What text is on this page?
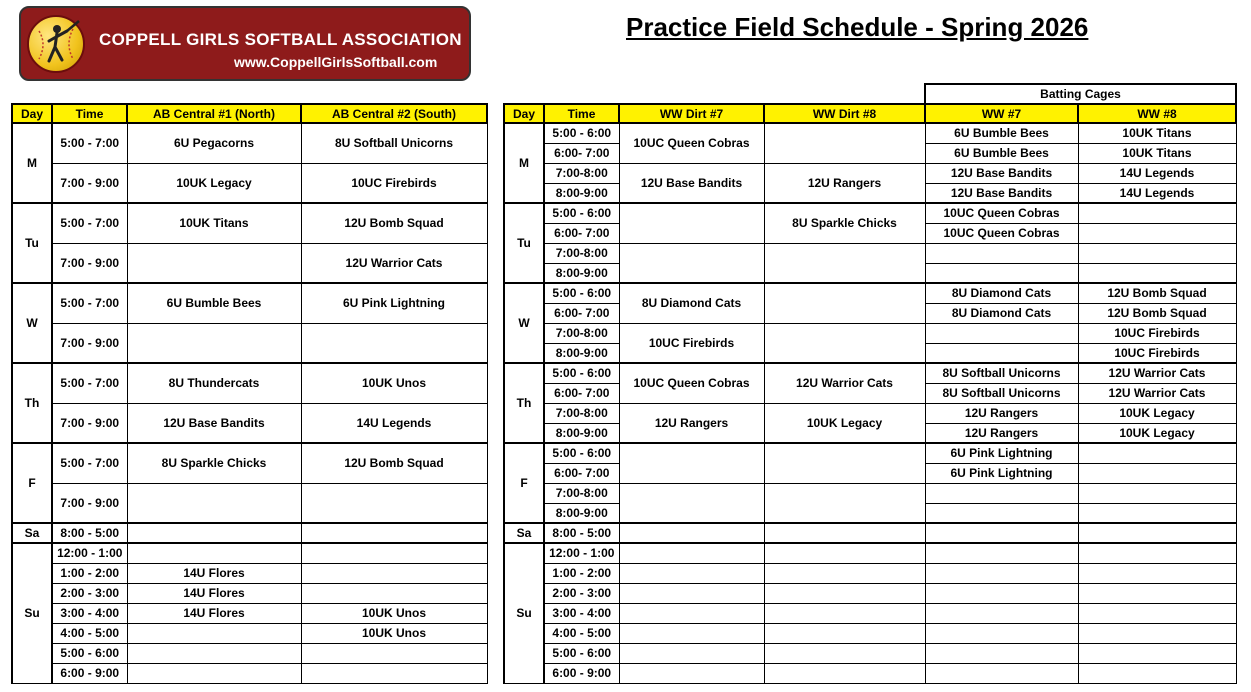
COPPELL GIRLS SOFTBALL ASSOCIATION
www.CoppellGirlsSoftball.com
Practice Field Schedule - Spring 2026
Day	Time	AB Central #1 (North)	AB Central #2 (South)
M	5:00 - 7:00	6U Pegacorns	8U Softball Unicorns
	7:00 - 9:00	10UK Legacy	10UC Firebirds
Tu	5:00 - 7:00	10UK Titans	12U Bomb Squad
	7:00 - 9:00		12U Warrior Cats
W	5:00 - 7:00	6U Bumble Bees	6U Pink Lightning
	7:00 - 9:00		
Th	5:00 - 7:00	8U Thundercats	10UK Unos
	7:00 - 9:00	12U Base Bandits	14U Legends
F	5:00 - 7:00	8U Sparkle Chicks	12U Bomb Squad
	7:00 - 9:00		
Sa	8:00 - 5:00		
Su	12:00 - 1:00		
	1:00 - 2:00	14U Flores	
	2:00 - 3:00	14U Flores	
	3:00 - 4:00	14U Flores	10UK Unos
	4:00 - 5:00		10UK Unos
	5:00 - 6:00		
	6:00 - 9:00		
				Batting Cages	
Day	Time	WW Dirt #7	WW Dirt #8	WW #7	WW #8
M	5:00 - 6:00	10UC Queen Cobras		6U Bumble Bees	10UK Titans
	6:00- 7:00			6U Bumble Bees	10UK Titans
	7:00-8:00	12U Base Bandits	12U Rangers	12U Base Bandits	14U Legends
	8:00-9:00			12U Base Bandits	14U Legends
Tu	5:00 - 6:00		8U Sparkle Chicks	10UC Queen Cobras	
	6:00- 7:00			10UC Queen Cobras	
	7:00-8:00				
	8:00-9:00				
W	5:00 - 6:00	8U Diamond Cats		8U Diamond Cats	12U Bomb Squad
	6:00- 7:00			8U Diamond Cats	12U Bomb Squad
	7:00-8:00	10UC Firebirds			10UC Firebirds
	8:00-9:00				10UC Firebirds
Th	5:00 - 6:00	10UC Queen Cobras	12U Warrior Cats	8U Softball Unicorns	12U Warrior Cats
	6:00- 7:00			8U Softball Unicorns	12U Warrior Cats
	7:00-8:00	12U Rangers	10UK Legacy	12U Rangers	10UK Legacy
	8:00-9:00			12U Rangers	10UK Legacy
F	5:00 - 6:00			6U Pink Lightning	
	6:00- 7:00			6U Pink Lightning	
	7:00-8:00				
	8:00-9:00				
Sa	8:00 - 5:00				
Su	12:00 - 1:00				
	1:00 - 2:00				
	2:00 - 3:00				
	3:00 - 4:00				
	4:00 - 5:00				
	5:00 - 6:00				
	6:00 - 9:00				
